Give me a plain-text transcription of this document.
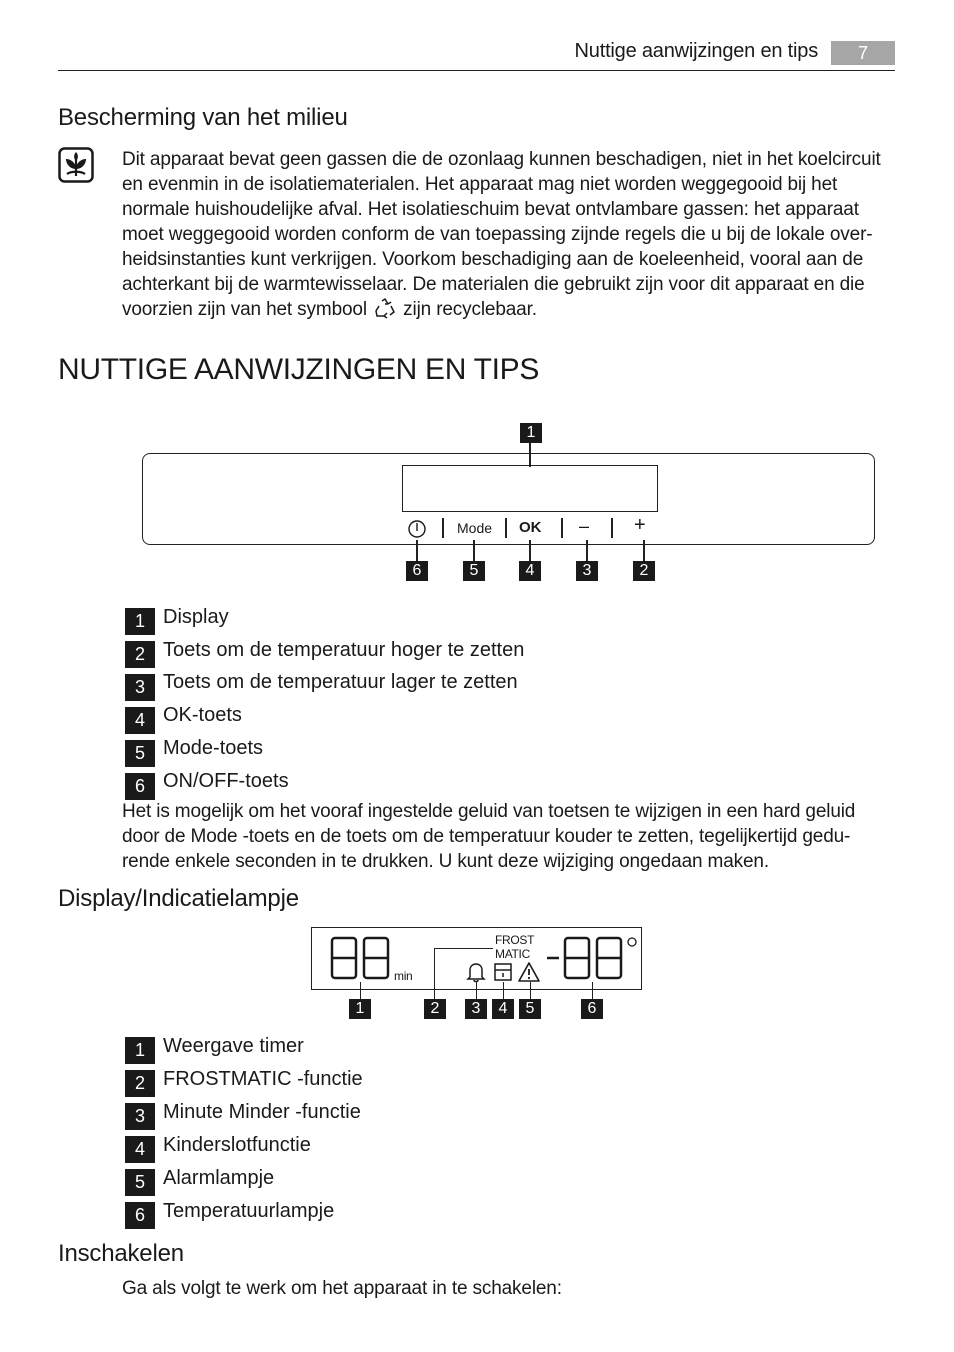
Nuttige aanwijzingen en tips	7
Bescherming van het milieu
Dit apparaat bevat geen gassen die de ozonlaag kunnen beschadigen, niet in het koelcircuit
en evenmin in de isolatiematerialen. Het apparaat mag niet worden weggegooid bij het
normale huishoudelijke afval. Het isolatieschuim bevat ontvlambare gassen: het apparaat
moet weggegooid worden conform de van toepassing zijnde regels die u bij de lokale over-
heidsinstanties kunt verkrijgen. Voorkom beschadiging aan de koeleenheid, vooral aan de
achterkant bij de warmtewisselaar. De materialen die gebruikt zijn voor dit apparaat en die
voorzien zijn van het symbool zijn recyclebaar.
NUTTIGE AANWIJZINGEN EN TIPS
1
Mode OK – +
6	5	4	3	2
1 Display
2 Toets om de temperatuur hoger te zetten
3 Toets om de temperatuur lager te zetten
4 OK-toets
5 Mode-toets
6 ON/OFF-toets
Het is mogelijk om het vooraf ingestelde geluid van toetsen te wijzigen in een hard geluid
door de Mode -toets en de toets om de temperatuur kouder te zetten, tegelijkertijd gedu-
rende enkele seconden in te drukken. U kunt deze wijziging ongedaan maken.
Display/Indicatielampje
min
FROST
MATIC
1	2	3	4	5	6
1 Weergave timer
2 FROSTMATIC -functie
3 Minute Minder -functie
4 Kinderslotfunctie
5 Alarmlampje
6 Temperatuurlampje
Inschakelen
Ga als volgt te werk om het apparaat in te schakelen:
